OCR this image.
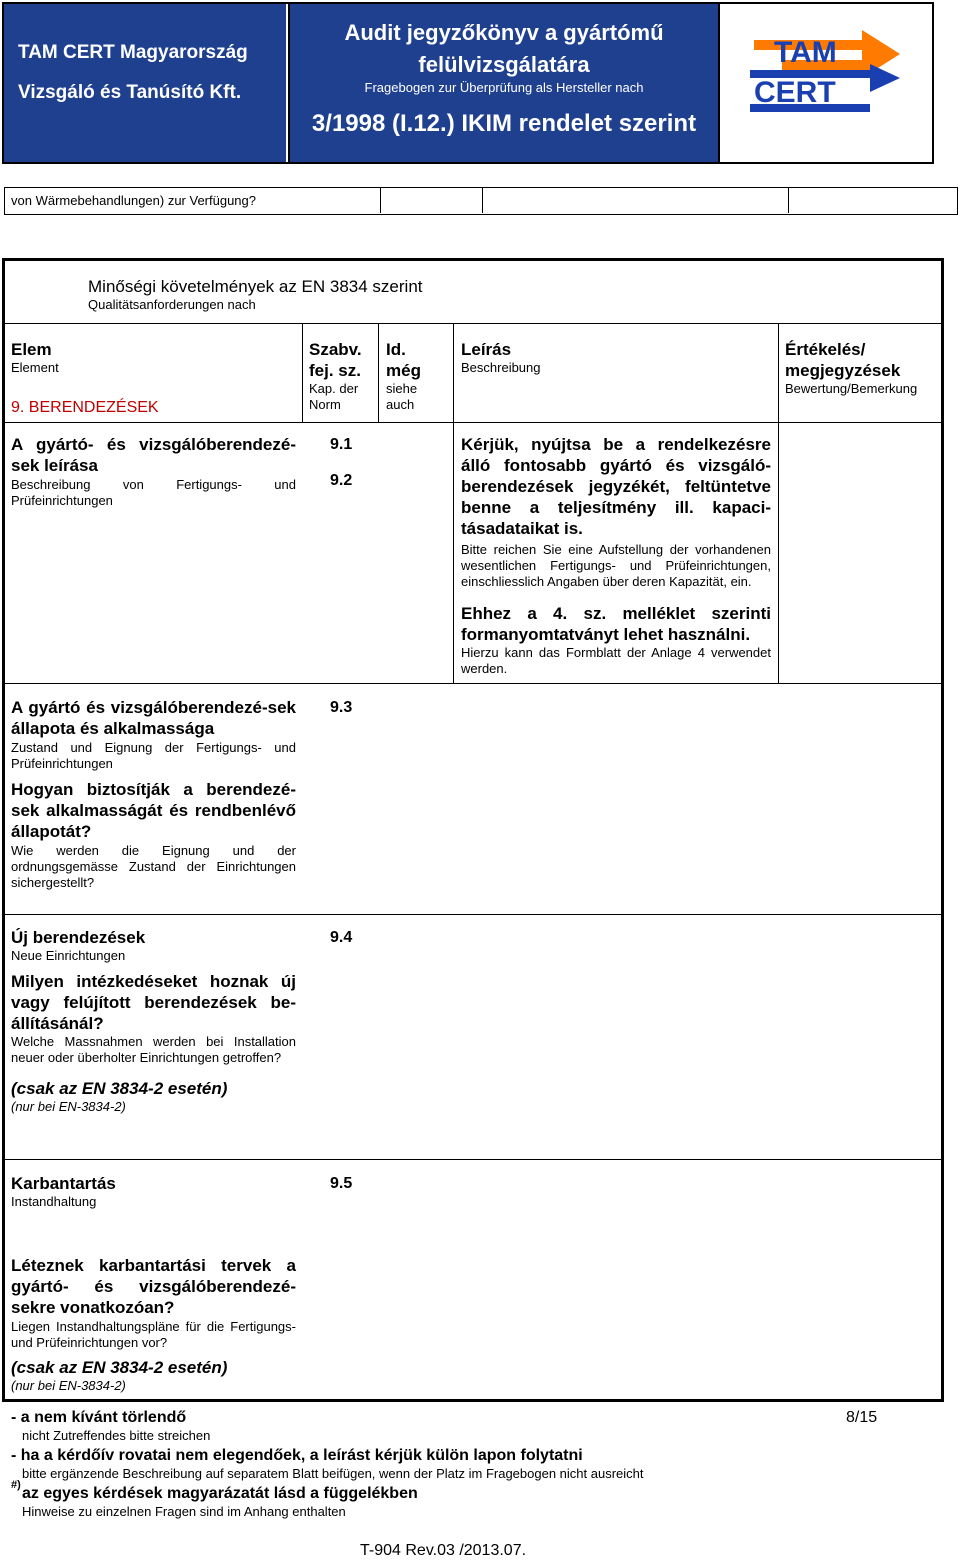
TAM CERT Magyarország
Vizsgáló és Tanúsító Kft.
Audit jegyzőkönyv a gyártómű
felülvizsgálatára
Fragebogen zur Überprüfung als Hersteller nach
3/1998 (I.12.) IKIM rendelet szerint
TAM
CERT
von Wärmebehandlungen) zur Verfügung?
Minőségi követelmények az EN 3834 szerint
Qualitätsanforderungen nach
Elem
Element
9. BERENDEZÉSEK
Szabv.
fej. sz.
Kap. der
Norm
Id.
még
siehe
auch
Leírás
Beschreibung
Értékelés/
megjegyzések
Bewertung/Bemerkung
A gyártó- és vizsgálóberendezé-sek leírása
Beschreibung von Fertigungs- und Prüfeinrichtungen
9.1
9.2
Kérjük, nyújtsa be a rendelkezésre álló fontosabb gyártó és vizsgáló-berendezések jegyzékét, feltüntetve benne a teljesítmény ill. kapaci-tásadataikat is.
Bitte reichen Sie eine Aufstellung der vorhandenen wesentlichen Fertigungs- und Prüfeinrichtungen, einschliesslich Angaben über deren Kapazität, ein.
Ehhez a 4. sz. melléklet szerinti formanyomtatványt lehet használni.
Hierzu kann das Formblatt der Anlage 4 verwendet werden.
A gyártó és vizsgálóberendezé-sek állapota és alkalmassága
Zustand und Eignung der Fertigungs- und Prüfeinrichtungen
Hogyan biztosítják a berendezé-sek alkalmasságát és rendbenlévő állapotát?
Wie werden die Eignung und der ordnungsgemässe Zustand der Einrichtungen sichergestellt?
9.3
Új berendezések
Neue Einrichtungen
Milyen intézkedéseket hoznak új vagy felújított berendezések be-állításánál?
Welche Massnahmen werden bei Installation neuer oder überholter Einrichtungen getroffen?
(csak az EN 3834-2 esetén)
(nur bei EN-3834-2)
9.4
Karbantartás
Instandhaltung
Léteznek karbantartási tervek a gyártó- és vizsgálóberendezé-sekre vonatkozóan?
Liegen Instandhaltungspläne für die Fertigungs- und Prüfeinrichtungen vor?
(csak az EN 3834-2 esetén)
(nur bei EN-3834-2)
9.5
- a nem kívánt törlendő
nicht Zutreffendes bitte streichen
8/15
- ha a kérdőív rovatai nem elegendőek, a leírást kérjük külön lapon folytatni
bitte ergänzende Beschreibung auf separatem Blatt beifügen, wenn der Platz im Fragebogen nicht ausreicht
#) az egyes kérdések magyarázatát lásd a függelékben
Hinweise zu einzelnen Fragen sind im Anhang enthalten
T-904 Rev.03 /2013.07.
